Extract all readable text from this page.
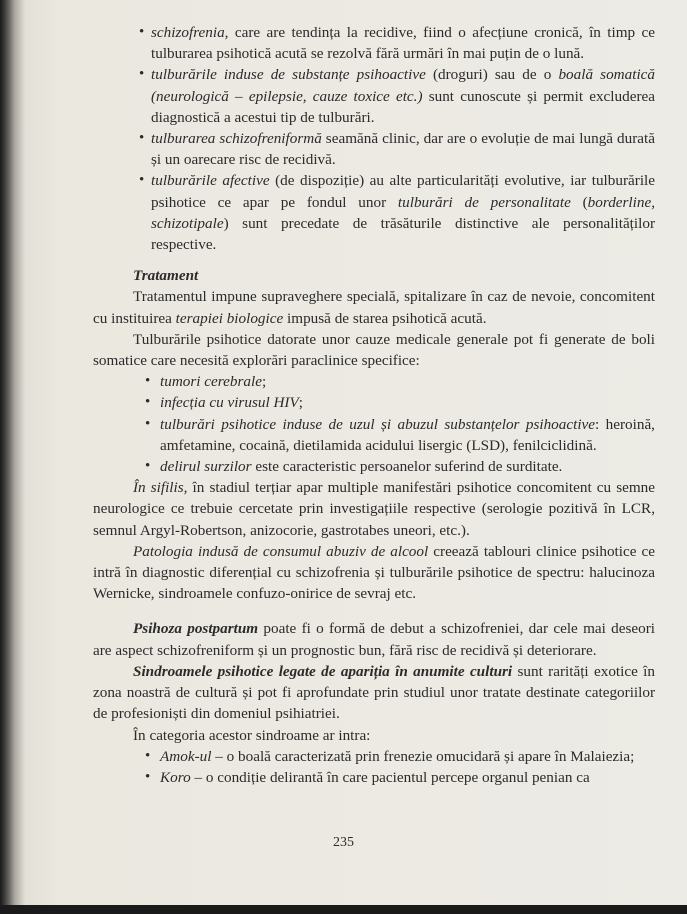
• schizofrenia, care are tendința la recidive, fiind o afecțiune cronică, în timp ce tulburarea psihotică acută se rezolvă fără urmări în mai puțin de o lună.
• tulburările induse de substanțe psihoactive (droguri) sau de o boală somatică (neurologică – epilepsie, cauze toxice etc.) sunt cunoscute și permit excluderea diagnostică a acestui tip de tulburări.
• tulburarea schizofreniformă seamănă clinic, dar are o evoluție de mai lungă durată și un oarecare risc de recidivă.
• tulburările afective (de dispoziție) au alte particularități evolutive, iar tulburările psihotice ce apar pe fondul unor tulburări de personalitate (borderline, schizotipale) sunt precedate de trăsăturile distinctive ale personalităților respective.

Tratament

Tratamentul impune supraveghere specială, spitalizare în caz de nevoie, concomitent cu instituirea terapiei biologice impusă de starea psihotică acută.

Tulburările psihotice datorate unor cauze medicale generale pot fi generate de boli somatice care necesită explorări paraclinice specifice:

• tumori cerebrale;
• infecția cu virusul HIV;
• tulburări psihotice induse de uzul și abuzul substanțelor psihoactive: heroină, amfetamine, cocaină, dietilamida acidului lisergic (LSD), fenilciclidină.
• delirul surzilor este caracteristic persoanelor suferind de surditate.

În sifilis, în stadiul terțiar apar multiple manifestări psihotice concomitent cu semne neurologice ce trebuie cercetate prin investigațiile respective (serologie pozitivă în LCR, semnul Argyl-Robertson, anizocorie, gastrotabes uneori, etc.).

Patologia indusă de consumul abuziv de alcool creează tablouri clinice psihotice ce intră în diagnostic diferențial cu schizofrenia și tulburările psihotice de spectru: halucinoza Wernicke, sindroamele confuzo-onirice de sevraj etc.

Psihoza postpartum poate fi o formă de debut a schizofreniei, dar cele mai deseori are aspect schizofreniform și un prognostic bun, fără risc de recidivă și deteriorare.

Sindroamele psihotice legate de apariția în anumite culturi sunt rarități exotice în zona noastră de cultură și pot fi aprofundate prin studiul unor tratate destinate categoriilor de profesioniști din domeniul psihiatriei.

În categoria acestor sindroame ar intra:

• Amok-ul – o boală caracterizată prin frenezie omucidară și apare în Malaiezia;
• Koro – o condiție delirantă în care pacientul percepe organul penian ca
235
